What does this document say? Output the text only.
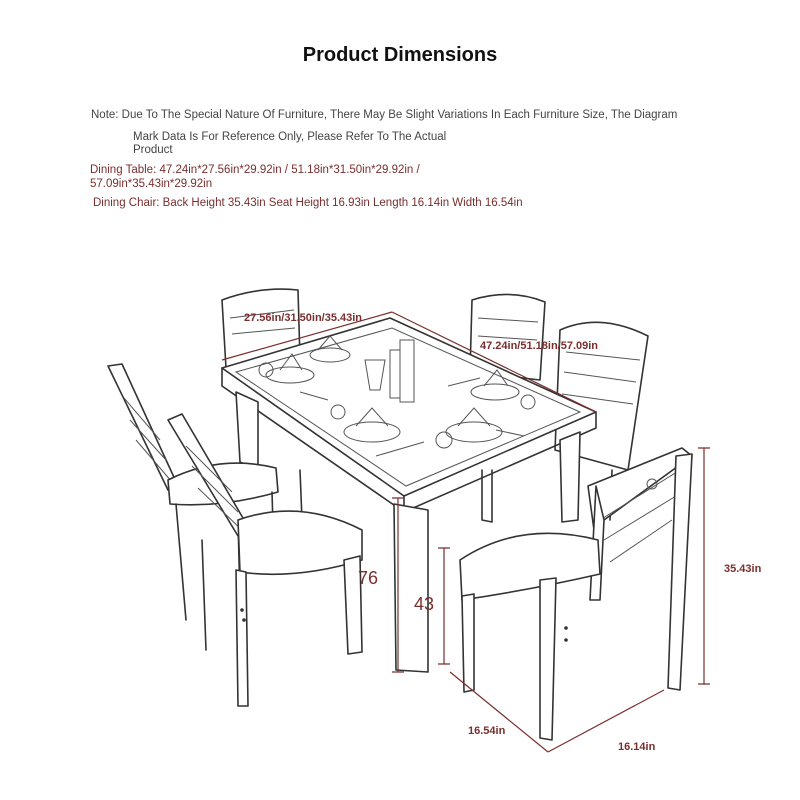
Product Dimensions
Note: Due To The Special Nature Of Furniture, There May Be Slight Variations In Each Furniture Size, The Diagram
Mark Data Is For Reference Only, Please Refer To The Actual Product
Dining Table: 47.24in*27.56in*29.92in / 51.18in*31.50in*29.92in / 57.09in*35.43in*29.92in
Dining Chair: Back Height 35.43in Seat Height 16.93in Length 16.14in Width 16.54in
27.56in/31.50in/35.43in
47.24in/51.18in/57.09in
76
43
35.43in
16.54in
16.14in
